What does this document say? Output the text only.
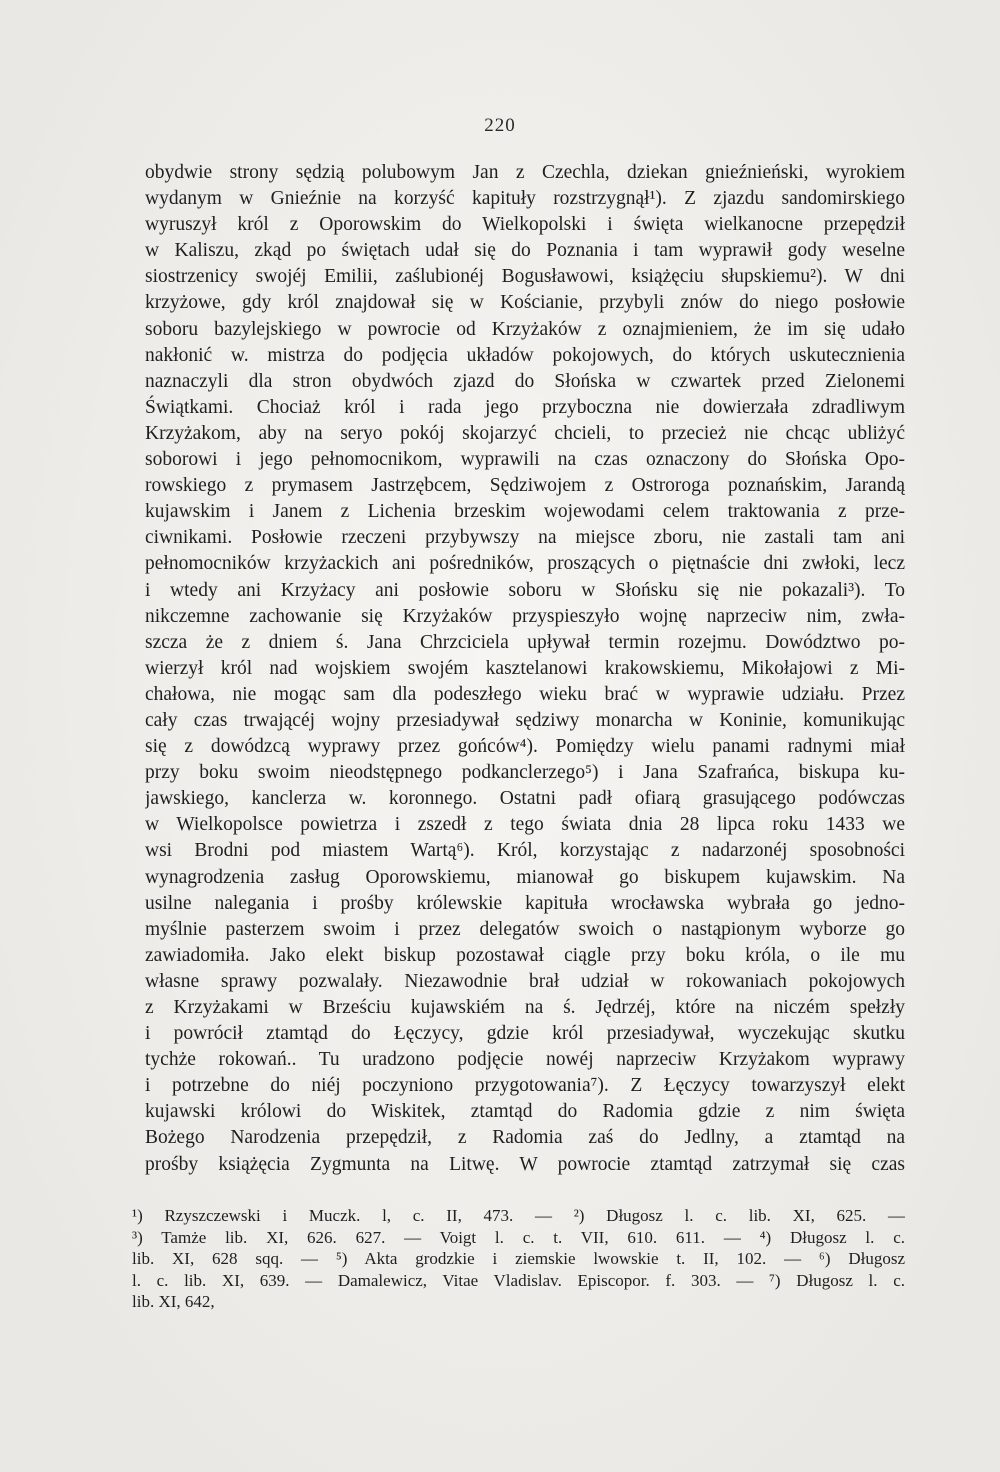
220
obydwie strony sędzią polubowym Jan z Czechla, dziekan gnieźnieński, wyrokiem
wydanym w Gnieźnie na korzyść kapituły rozstrzygnął¹). Z zjazdu sandomirskiego
wyruszył król z Oporowskim do Wielkopolski i święta wielkanocne przepędził
w Kaliszu, zkąd po świętach udał się do Poznania i tam wyprawił gody weselne
siostrzenicy swojéj Emilii, zaślubionéj Bogusławowi, książęciu słupskiemu²). W dni
krzyżowe, gdy król znajdował się w Kościanie, przybyli znów do niego posłowie
soboru bazylejskiego w powrocie od Krzyżaków z oznajmieniem, że im się udało
nakłonić w. mistrza do podjęcia układów pokojowych, do których uskutecznienia
naznaczyli dla stron obydwóch zjazd do Słońska w czwartek przed Zielonemi
Świątkami. Chociaż król i rada jego przyboczna nie dowierzała zdradliwym
Krzyżakom, aby na seryo pokój skojarzyć chcieli, to przecież nie chcąc ubliżyć
soborowi i jego pełnomocnikom, wyprawili na czas oznaczony do Słońska Opo-
rowskiego z prymasem Jastrzębcem, Sędziwojem z Ostroroga poznańskim, Jarandą
kujawskim i Janem z Lichenia brzeskim wojewodami celem traktowania z prze-
ciwnikami. Posłowie rzeczeni przybywszy na miejsce zboru, nie zastali tam ani
pełnomocników krzyżackich ani pośredników, proszących o piętnaście dni zwłoki, lecz
i wtedy ani Krzyżacy ani posłowie soboru w Słońsku się nie pokazali³). To
nikczemne zachowanie się Krzyżaków przyspieszyło wojnę naprzeciw nim, zwła-
szcza że z dniem ś. Jana Chrzciciela upływał termin rozejmu. Dowództwo po-
wierzył król nad wojskiem swojém kasztelanowi krakowskiemu, Mikołajowi z Mi-
chałowa, nie mogąc sam dla podeszłego wieku brać w wyprawie udziału. Przez
cały czas trwającéj wojny przesiadywał sędziwy monarcha w Koninie, komunikując
się z dowódzcą wyprawy przez gońców⁴). Pomiędzy wielu panami radnymi miał
przy boku swoim nieodstępnego podkanclerzego⁵) i Jana Szafrańca, biskupa ku-
jawskiego, kanclerza w. koronnego. Ostatni padł ofiarą grasującego podówczas
w Wielkopolsce powietrza i zszedł z tego świata dnia 28 lipca roku 1433 we
wsi Brodni pod miastem Wartą⁶). Król, korzystając z nadarzonéj sposobności
wynagrodzenia zasług Oporowskiemu, mianował go biskupem kujawskim. Na
usilne nalegania i prośby królewskie kapituła wrocławska wybrała go jedno-
myślnie pasterzem swoim i przez delegatów swoich o nastąpionym wyborze go
zawiadomiła. Jako elekt biskup pozostawał ciągle przy boku króla, o ile mu
własne sprawy pozwalały. Niezawodnie brał udział w rokowaniach pokojowych
z Krzyżakami w Brześciu kujawskiém na ś. Jędrzéj, które na niczém spełzły
i powrócił ztamtąd do Łęczycy, gdzie król przesiadywał, wyczekując skutku
tychże rokowań.. Tu uradzono podjęcie nowéj naprzeciw Krzyżakom wyprawy
i potrzebne do niéj poczyniono przygotowania⁷). Z Łęczycy towarzyszył elekt
kujawski królowi do Wiskitek, ztamtąd do Radomia gdzie z nim święta
Bożego Narodzenia przepędził, z Radomia zaś do Jedlny, a ztamtąd na
prośby książęcia Zygmunta na Litwę. W powrocie ztamtąd zatrzymał się czas
¹) Rzyszczewski i Muczk. l, c. II, 473. — ²) Długosz l. c. lib. XI, 625. —
³) Tamże lib. XI, 626. 627. — Voigt l. c. t. VII, 610. 611. — ⁴) Długosz l. c.
lib. XI, 628 sqq. — ⁵) Akta grodzkie i ziemskie lwowskie t. II, 102. — ⁶) Długosz
l. c. lib. XI, 639. — Damalewicz, Vitae Vladislav. Episcopor. f. 303. — ⁷) Długosz l. c.
lib. XI, 642,
